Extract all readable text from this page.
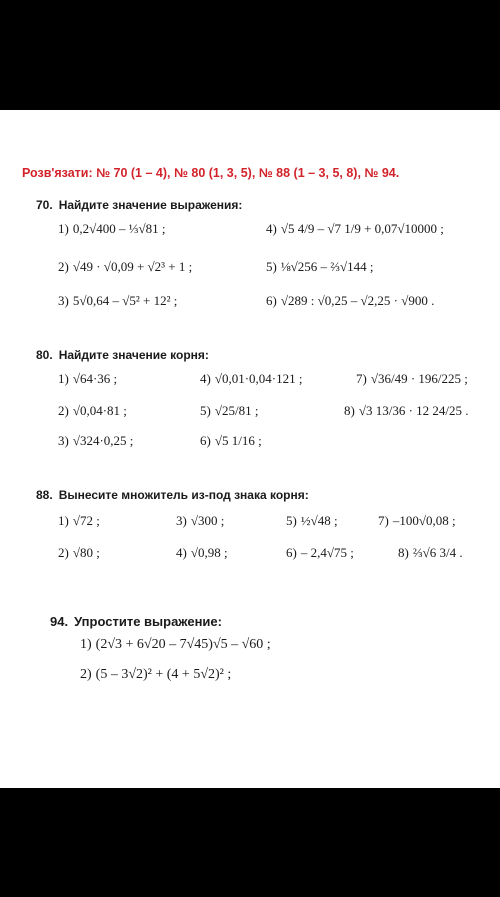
Розв'язати: № 70 (1 – 4), № 80 (1, 3, 5), № 88 (1 – 3, 5, 8), № 94.
70. Найдите значение выражения:
1) 0,2√400 – ⅓√81 ;	4) √5 4/9 – √7 1/9 + 0,07√10000 ;
2) √49 · √0,09 + √2³ + 1 ;	5) ⅛√256 – ⅔√144 ;
3) 5√0,64 – √5² + 12² ;	6) √289 : √0,25 – √2,25 · √900 .
80. Найдите значение корня:
1) √64·36 ;	4) √0,01·0,04·121 ;	7) √36/49 · 196/225 ;
2) √0,04·81 ;	5) √25/81 ;	8) √3 13/36 · 12 24/25 .
3) √324·0,25 ;	6) √5 1/16 ;
88. Вынесите множитель из-под знака корня:
1) √72 ;	3) √300 ;	5) ½√48 ;	7) –100√0,08 ;
2) √80 ;	4) √0,98 ;	6) – 2,4√75 ;	8) ⅔√6 3/4 .
94. Упростите выражение:
1) (2√3 + 6√20 – 7√45)√5 – √60 ;
2) (5 – 3√2)² + (4 + 5√2)² ;
